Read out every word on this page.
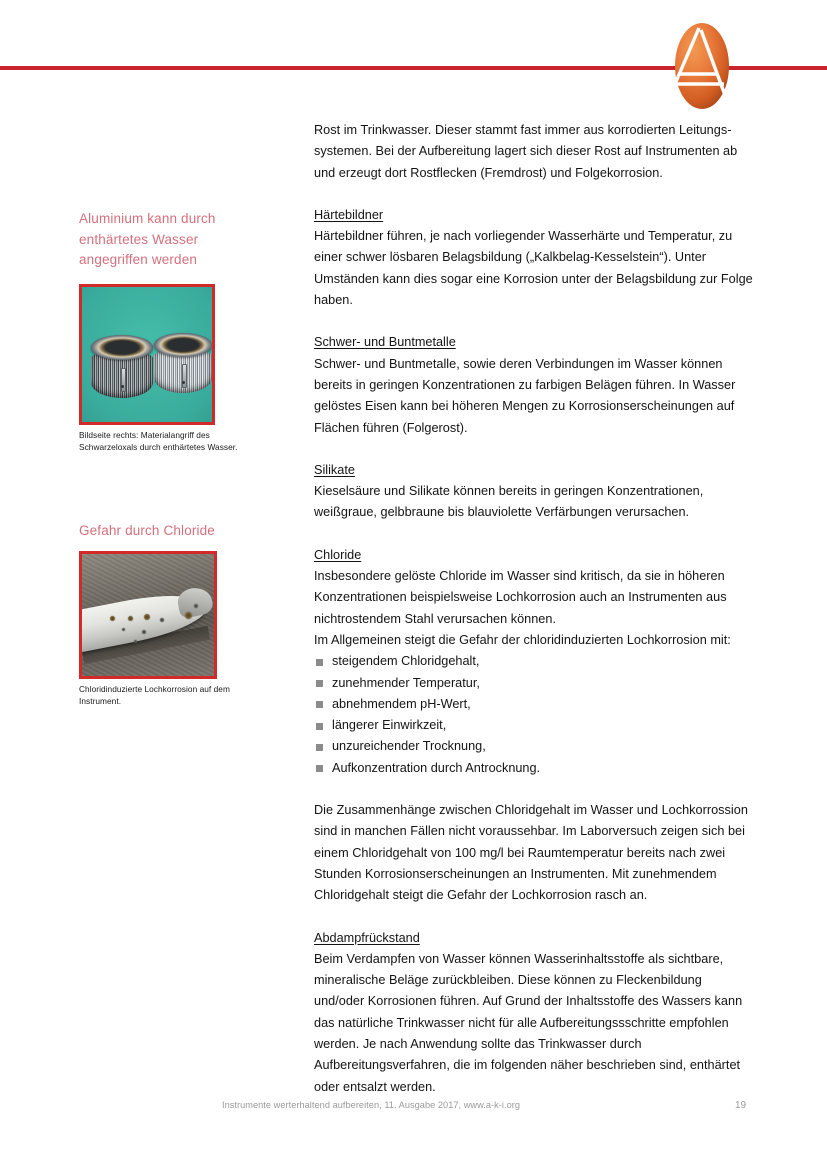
Aluminium kann durch enthärtetes Wasser angegriffen werden
Bildseite rechts: Materialangriff des Schwarzeloxals durch enthärtetes Wasser.
Gefahr durch Chloride
Chloridinduzierte Lochkorrosion auf dem Instrument.

Rost im Trinkwasser. Dieser stammt fast immer aus korrodierten Leitungssystemen. Bei der Aufbereitung lagert sich dieser Rost auf Instrumenten ab und erzeugt dort Rostflecken (Fremdrost) und Folgekorrosion.

Härtebildner

Härtebildner führen, je nach vorliegender Wasserhärte und Temperatur, zu einer schwer lösbaren Belagsbildung („Kalkbelag-Kesselstein“). Unter Umständen kann dies sogar eine Korrosion unter der Belagsbildung zur Folge haben.

Schwer- und Buntmetalle

Schwer- und Buntmetalle, sowie deren Verbindungen im Wasser können bereits in geringen Konzentrationen zu farbigen Belägen führen. In Wasser gelöstes Eisen kann bei höheren Mengen zu Korrosionserscheinungen auf Flächen führen (Folgerost).

Silikate

Kieselsäure und Silikate können bereits in geringen Konzentrationen, weißgraue, gelbbraune bis blauviolette Verfärbungen verursachen.

Chloride

Insbesondere gelöste Chloride im Wasser sind kritisch, da sie in höheren Konzentrationen beispielsweise Lochkorrosion auch an Instrumenten aus nichtrostendem Stahl verursachen können.

Im Allgemeinen steigt die Gefahr der chloridinduzierten Lochkorrosion mit:

steigendem Chloridgehalt,
zunehmender Temperatur,
abnehmendem pH-Wert,
längerer Einwirkzeit,
unzureichender Trocknung,
Aufkonzentration durch Antrocknung.

Die Zusammenhänge zwischen Chloridgehalt im Wasser und Lochkorrossion sind in manchen Fällen nicht voraussehbar. Im Laborversuch zeigen sich bei einem Chloridgehalt von 100 mg/l bei Raumtemperatur bereits nach zwei Stunden Korrosionserscheinungen an Instrumenten. Mit zunehmendem Chloridgehalt steigt die Gefahr der Lochkorrosion rasch an.

Abdampfrückstand

Beim Verdampfen von Wasser können Wasserinhaltsstoffe als sichtbare, mineralische Beläge zurückbleiben. Diese können zu Fleckenbildung und/oder Korrosionen führen. Auf Grund der Inhaltsstoffe des Wassers kann das natürliche Trinkwasser nicht für alle Aufbereitungssschritte empfohlen werden. Je nach Anwendung sollte das Trinkwasser durch Aufbereitungsverfahren, die im folgenden näher beschrieben sind, enthärtet oder entsalzt werden.

Instrumente werterhaltend aufbereiten, 11. Ausgabe 2017, www.a-k-i.org	19
